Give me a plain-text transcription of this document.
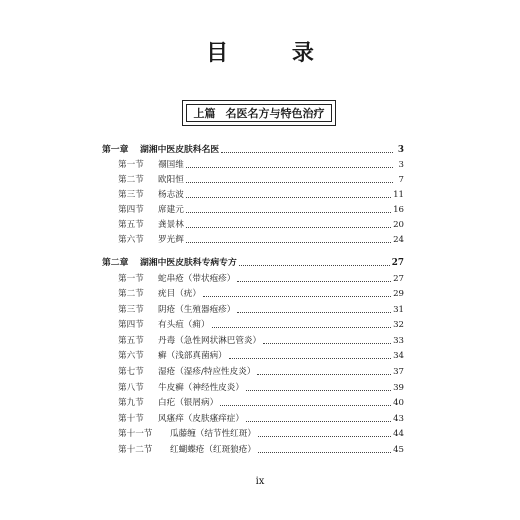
目 录
上篇 名医名方与特色治疗
第一章	湖湘中医皮肤科名医	3
第一节	禤国维	3
第二节	欧阳恒	7
第三节	杨志波	11
第四节	席建元	16
第五节	龚景林	20
第六节	罗光辉	24
第二章	湖湘中医皮肤科专病专方	27
第一节	蛇串疮（带状疱疹）	27
第二节	疣目（疣）	29
第三节	阴疮（生殖器疱疹）	31
第四节	有头疽（痈）	32
第五节	丹毒（急性网状淋巴管炎）	33
第六节	癣（浅部真菌病）	34
第七节	湿疮（湿疹/特应性皮炎）	37
第八节	牛皮癣（神经性皮炎）	39
第九节	白疕（银屑病）	40
第十节	风瘙痒（皮肤瘙痒症）	43
第十一节	瓜藤缠（结节性红斑）	44
第十二节	红蝴蝶疮（红斑狼疮）	45
ix
